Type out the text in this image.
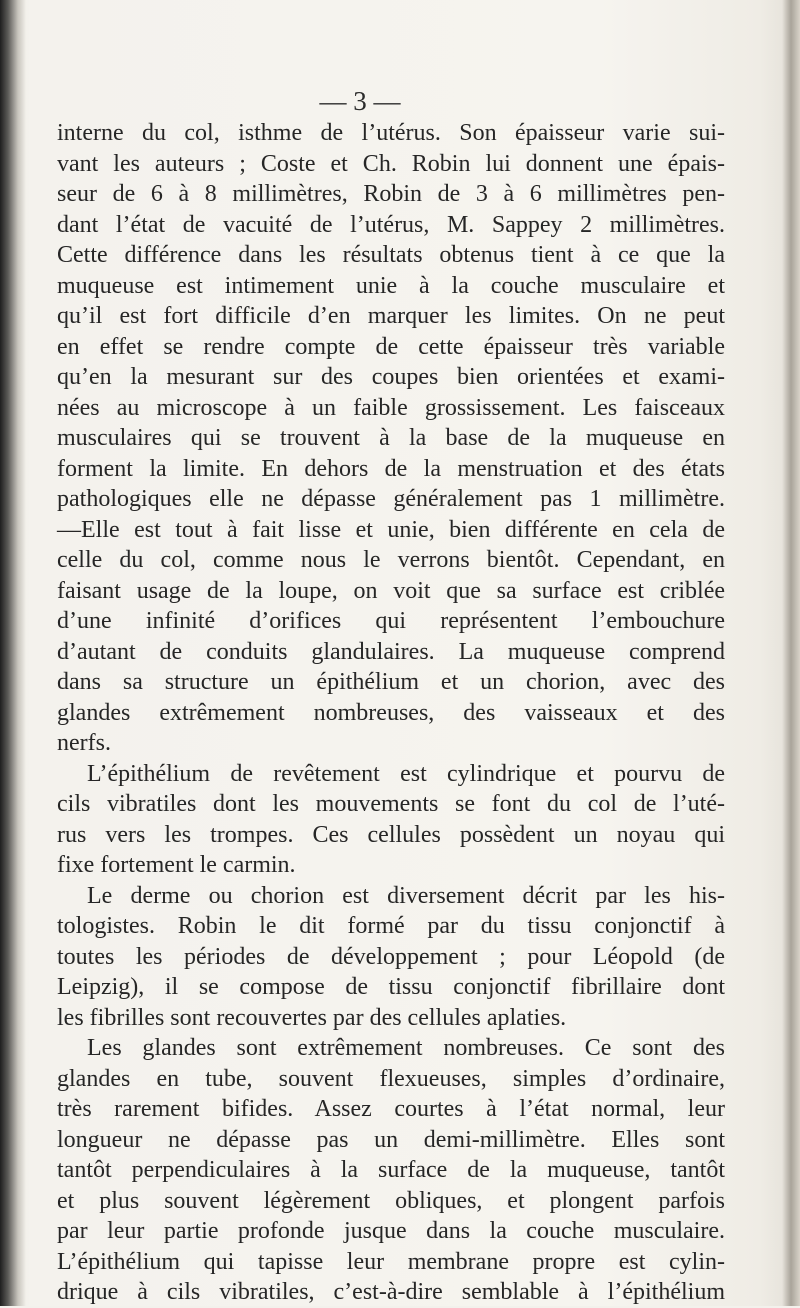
— 3 —
interne du col, isthme de l’utérus. Son épaisseur varie sui-
vant les auteurs ; Coste et Ch. Robin lui donnent une épais-
seur de 6 à 8 millimètres, Robin de 3 à 6 millimètres pen-
dant l’état de vacuité de l’utérus, M. Sappey 2 millimètres.
Cette différence dans les résultats obtenus tient à ce que la
muqueuse est intimement unie à la couche musculaire et
qu’il est fort difficile d’en marquer les limites. On ne peut
en effet se rendre compte de cette épaisseur très variable
qu’en la mesurant sur des coupes bien orientées et exami-
nées au microscope à un faible grossissement. Les faisceaux
musculaires qui se trouvent à la base de la muqueuse en
forment la limite. En dehors de la menstruation et des états
pathologiques elle ne dépasse généralement pas 1 millimètre.
—Elle est tout à fait lisse et unie, bien différente en cela de
celle du col, comme nous le verrons bientôt. Cependant, en
faisant usage de la loupe, on voit que sa surface est criblée
d’une infinité d’orifices qui représentent l’embouchure
d’autant de conduits glandulaires. La muqueuse comprend
dans sa structure un épithélium et un chorion, avec des
glandes extrêmement nombreuses, des vaisseaux et des
nerfs.
L’épithélium de revêtement est cylindrique et pourvu de
cils vibratiles dont les mouvements se font du col de l’uté-
rus vers les trompes. Ces cellules possèdent un noyau qui
fixe fortement le carmin.
Le derme ou chorion est diversement décrit par les his-
tologistes. Robin le dit formé par du tissu conjonctif à
toutes les périodes de développement ; pour Léopold (de
Leipzig), il se compose de tissu conjonctif fibrillaire dont
les fibrilles sont recouvertes par des cellules aplaties.
Les glandes sont extrêmement nombreuses. Ce sont des
glandes en tube, souvent flexueuses, simples d’ordinaire,
très rarement bifides. Assez courtes à l’état normal, leur
longueur ne dépasse pas un demi-millimètre. Elles sont
tantôt perpendiculaires à la surface de la muqueuse, tantôt
et plus souvent légèrement obliques, et plongent parfois
par leur partie profonde jusque dans la couche musculaire.
L’épithélium qui tapisse leur membrane propre est cylin-
drique à cils vibratiles, c’est-à-dire semblable à l’épithélium
